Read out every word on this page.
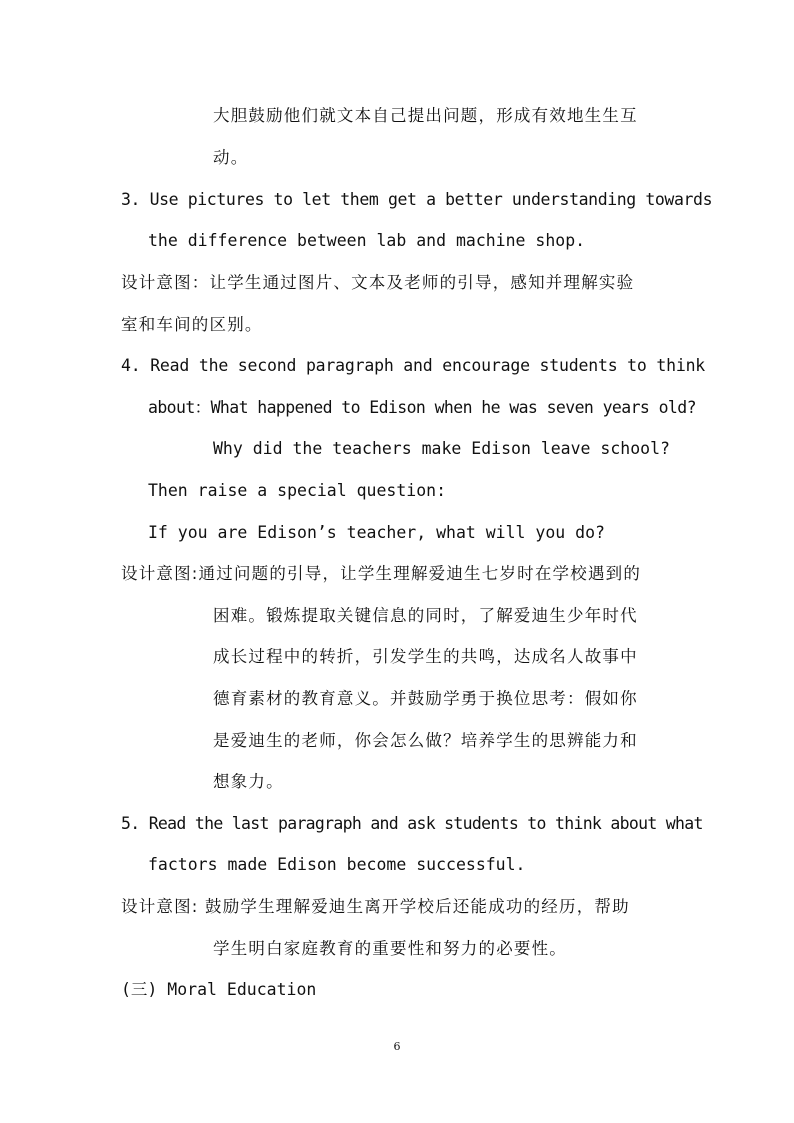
大胆鼓励他们就文本自己提出问题，形成有效地生生互
动。
3. Use pictures to let them get a better understanding towards
the difference between lab and machine shop.
设计意图：让学生通过图片、文本及老师的引导，感知并理解实验
室和车间的区别。
4. Read the second paragraph and encourage students to think
about：What happened to Edison when he was seven years old?
Why did the teachers make Edison leave school?
Then raise a special question:
If you are Edison’s teacher, what will you do?
设计意图:通过问题的引导，让学生理解爱迪生七岁时在学校遇到的
困难。锻炼提取关键信息的同时，了解爱迪生少年时代
成长过程中的转折，引发学生的共鸣，达成名人故事中
德育素材的教育意义。并鼓励学勇于换位思考：假如你
是爱迪生的老师，你会怎么做？培养学生的思辨能力和
想象力。
5. Read the last paragraph and ask students to think about what
factors made Edison become successful.
设计意图: 鼓励学生理解爱迪生离开学校后还能成功的经历，帮助
学生明白家庭教育的重要性和努力的必要性。
(三) Moral Education
6
